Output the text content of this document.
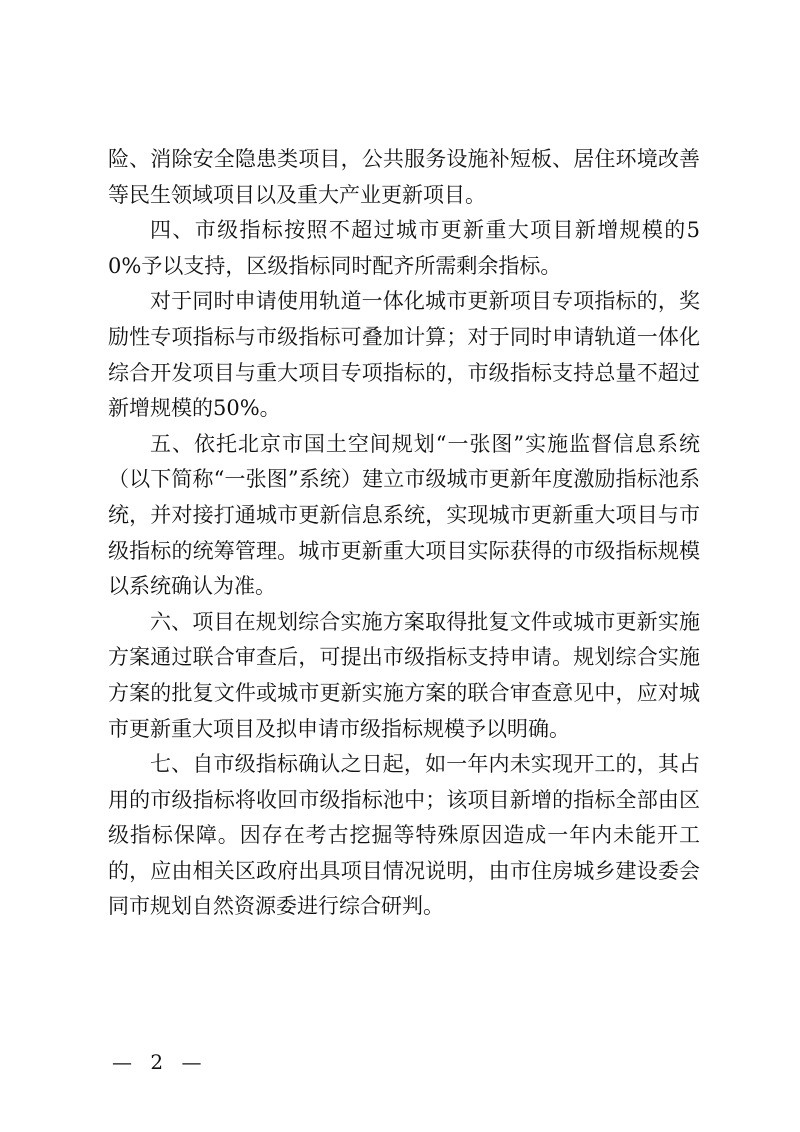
险、消除安全隐患类项目，公共服务设施补短板、居住环境改善等民生领域项目以及重大产业更新项目。

四、市级指标按照不超过城市更新重大项目新增规模的50%予以支持，区级指标同时配齐所需剩余指标。

对于同时申请使用轨道一体化城市更新项目专项指标的，奖励性专项指标与市级指标可叠加计算；对于同时申请轨道一体化综合开发项目与重大项目专项指标的，市级指标支持总量不超过新增规模的50%。

五、依托北京市国土空间规划“一张图”实施监督信息系统（以下简称“一张图”系统）建立市级城市更新年度激励指标池系统，并对接打通城市更新信息系统，实现城市更新重大项目与市级指标的统筹管理。城市更新重大项目实际获得的市级指标规模以系统确认为准。

六、项目在规划综合实施方案取得批复文件或城市更新实施方案通过联合审查后，可提出市级指标支持申请。规划综合实施方案的批复文件或城市更新实施方案的联合审查意见中，应对城市更新重大项目及拟申请市级指标规模予以明确。

七、自市级指标确认之日起，如一年内未实现开工的，其占用的市级指标将收回市级指标池中；该项目新增的指标全部由区级指标保障。因存在考古挖掘等特殊原因造成一年内未能开工的，应由相关区政府出具项目情况说明，由市住房城乡建设委会同市规划自然资源委进行综合研判。

— 2 —
